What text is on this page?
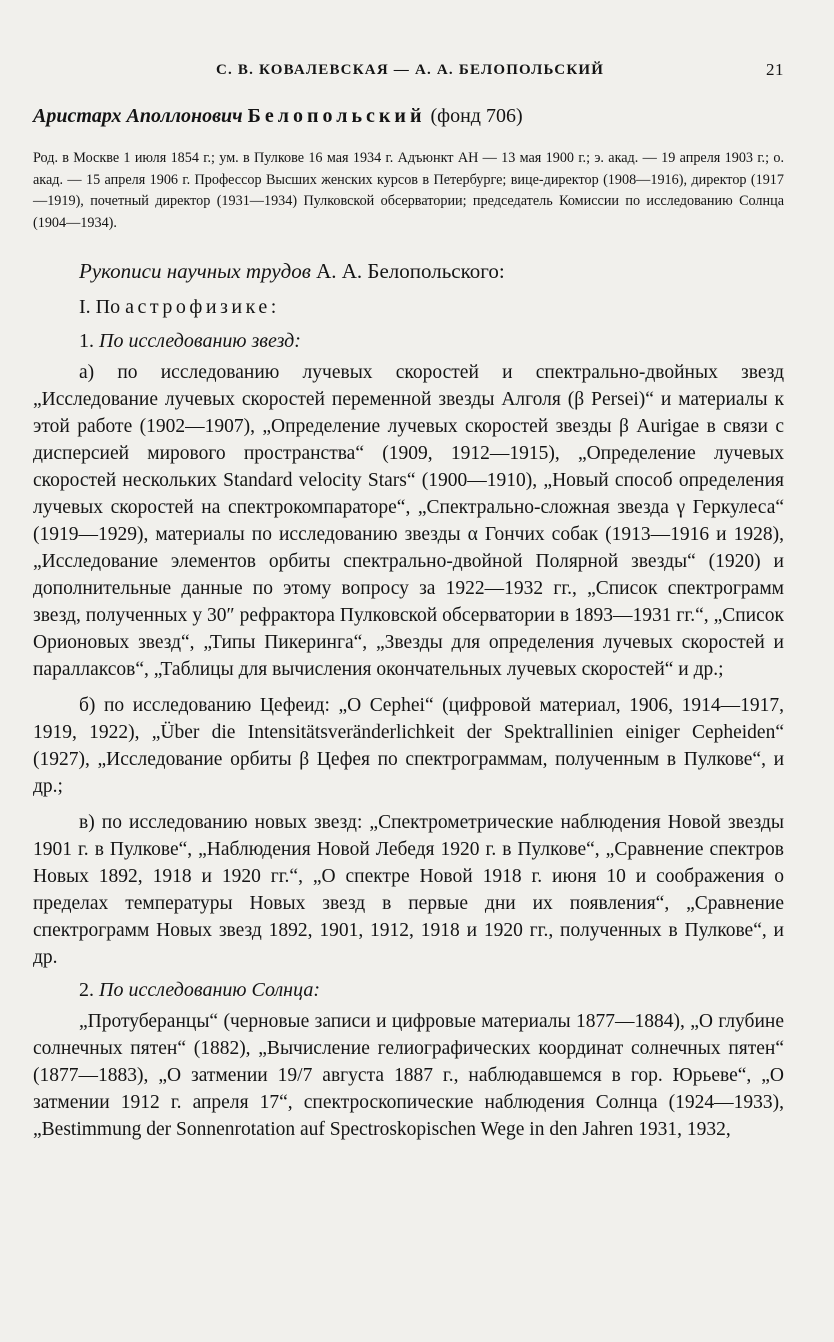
С. В. КОВАЛЕВСКАЯ — А. А. БЕЛОПОЛЬСКИЙ	21
Аристарх Аполлонович Белопольский (фонд 706)
Род. в Москве 1 июля 1854 г.; ум. в Пулкове 16 мая 1934 г. Адъюнкт АН — 13 мая 1900 г.; э. акад. — 19 апреля 1903 г.; о. акад. — 15 апреля 1906 г. Профессор Высших женских курсов в Петербурге; вице-директор (1908—1916), директор (1917—1919), почетный директор (1931—1934) Пулковской обсерватории; председатель Комиссии по исследованию Солнца (1904—1934).
Рукописи научных трудов А. А. Белопольского:
I. По астрофизике:
1. По исследованию звезд:

а) по исследованию лучевых скоростей и спектрально-двойных звезд „Исследование лучевых скоростей переменной звезды Алголя (β Persei)“ и материалы к этой работе (1902—1907), „Определение лучевых скоростей звезды β Aurigae в связи с дисперсией мирового пространства“ (1909, 1912—1915), „Определение лучевых скоростей нескольких Standard velocity Stars“ (1900—1910), „Новый способ определения лучевых скоростей на спектрокомпараторе“, „Спектрально-сложная звезда γ Геркулеса“ (1919—1929), материалы по исследованию звезды α Гончих собак (1913—1916 и 1928), „Исследование элементов орбиты спектрально-двойной Полярной звезды“ (1920) и дополнительные данные по этому вопросу за 1922—1932 гг., „Список спектрограмм звезд, полученных у 30″ рефрактора Пулковской обсерватории в 1893—1931 гг.“, „Список Орионовых звезд“, „Типы Пикеринга“, „Звезды для определения лучевых скоростей и параллаксов“, „Таблицы для вычисления окончательных лучевых скоростей“ и др.;

б) по исследованию Цефеид: „О Cephei“ (цифровой материал, 1906, 1914—1917, 1919, 1922), „Über die Intensitätsveränderlichkeit der Spektrallinien einiger Cepheiden“ (1927), „Исследование орбиты β Цефея по спектрограммам, полученным в Пулкове“, и др.;

в) по исследованию новых звезд: „Спектрометрические наблюдения Новой звезды 1901 г. в Пулкове“, „Наблюдения Новой Лебедя 1920 г. в Пулкове“, „Сравнение спектров Новых 1892, 1918 и 1920 гг.“, „О спектре Новой 1918 г. июня 10 и соображения о пределах температуры Новых звезд в первые дни их появления“, „Сравнение спектрограмм Новых звезд 1892, 1901, 1912, 1918 и 1920 гг., полученных в Пулкове“, и др.

2. По исследованию Солнца:

„Протуберанцы“ (черновые записи и цифровые материалы 1877—1884), „О глубине солнечных пятен“ (1882), „Вычисление гелиографических координат солнечных пятен“ (1877—1883), „О затмении 19/7 августа 1887 г., наблюдавшемся в гор. Юрьеве“, „О затмении 1912 г. апреля 17“, спектроскопические наблюдения Солнца (1924—1933), „Bestimmung der Sonnenrotation auf Spectroskopischen Wege in den Jahren 1931, 1932,
